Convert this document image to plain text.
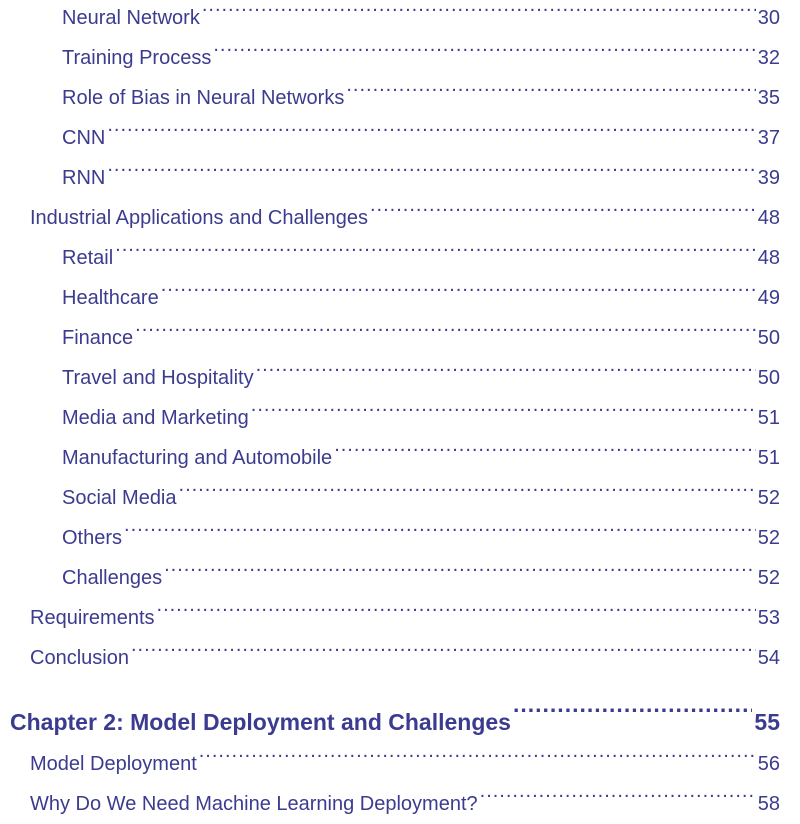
Neural Network .....	30
Training Process .....	32
Role of Bias in Neural Networks .....	35
CNN .....	37
RNN .....	39
Industrial Applications and Challenges .....	48
Retail .....	48
Healthcare .....	49
Finance .....	50
Travel and Hospitality .....	50
Media and Marketing .....	51
Manufacturing and Automobile .....	51
Social Media .....	52
Others .....	52
Challenges .....	52
Requirements .....	53
Conclusion .....	54
Chapter 2: Model Deployment and Challenges .....	55
Model Deployment .....	56
Why Do We Need Machine Learning Deployment? .....	58
